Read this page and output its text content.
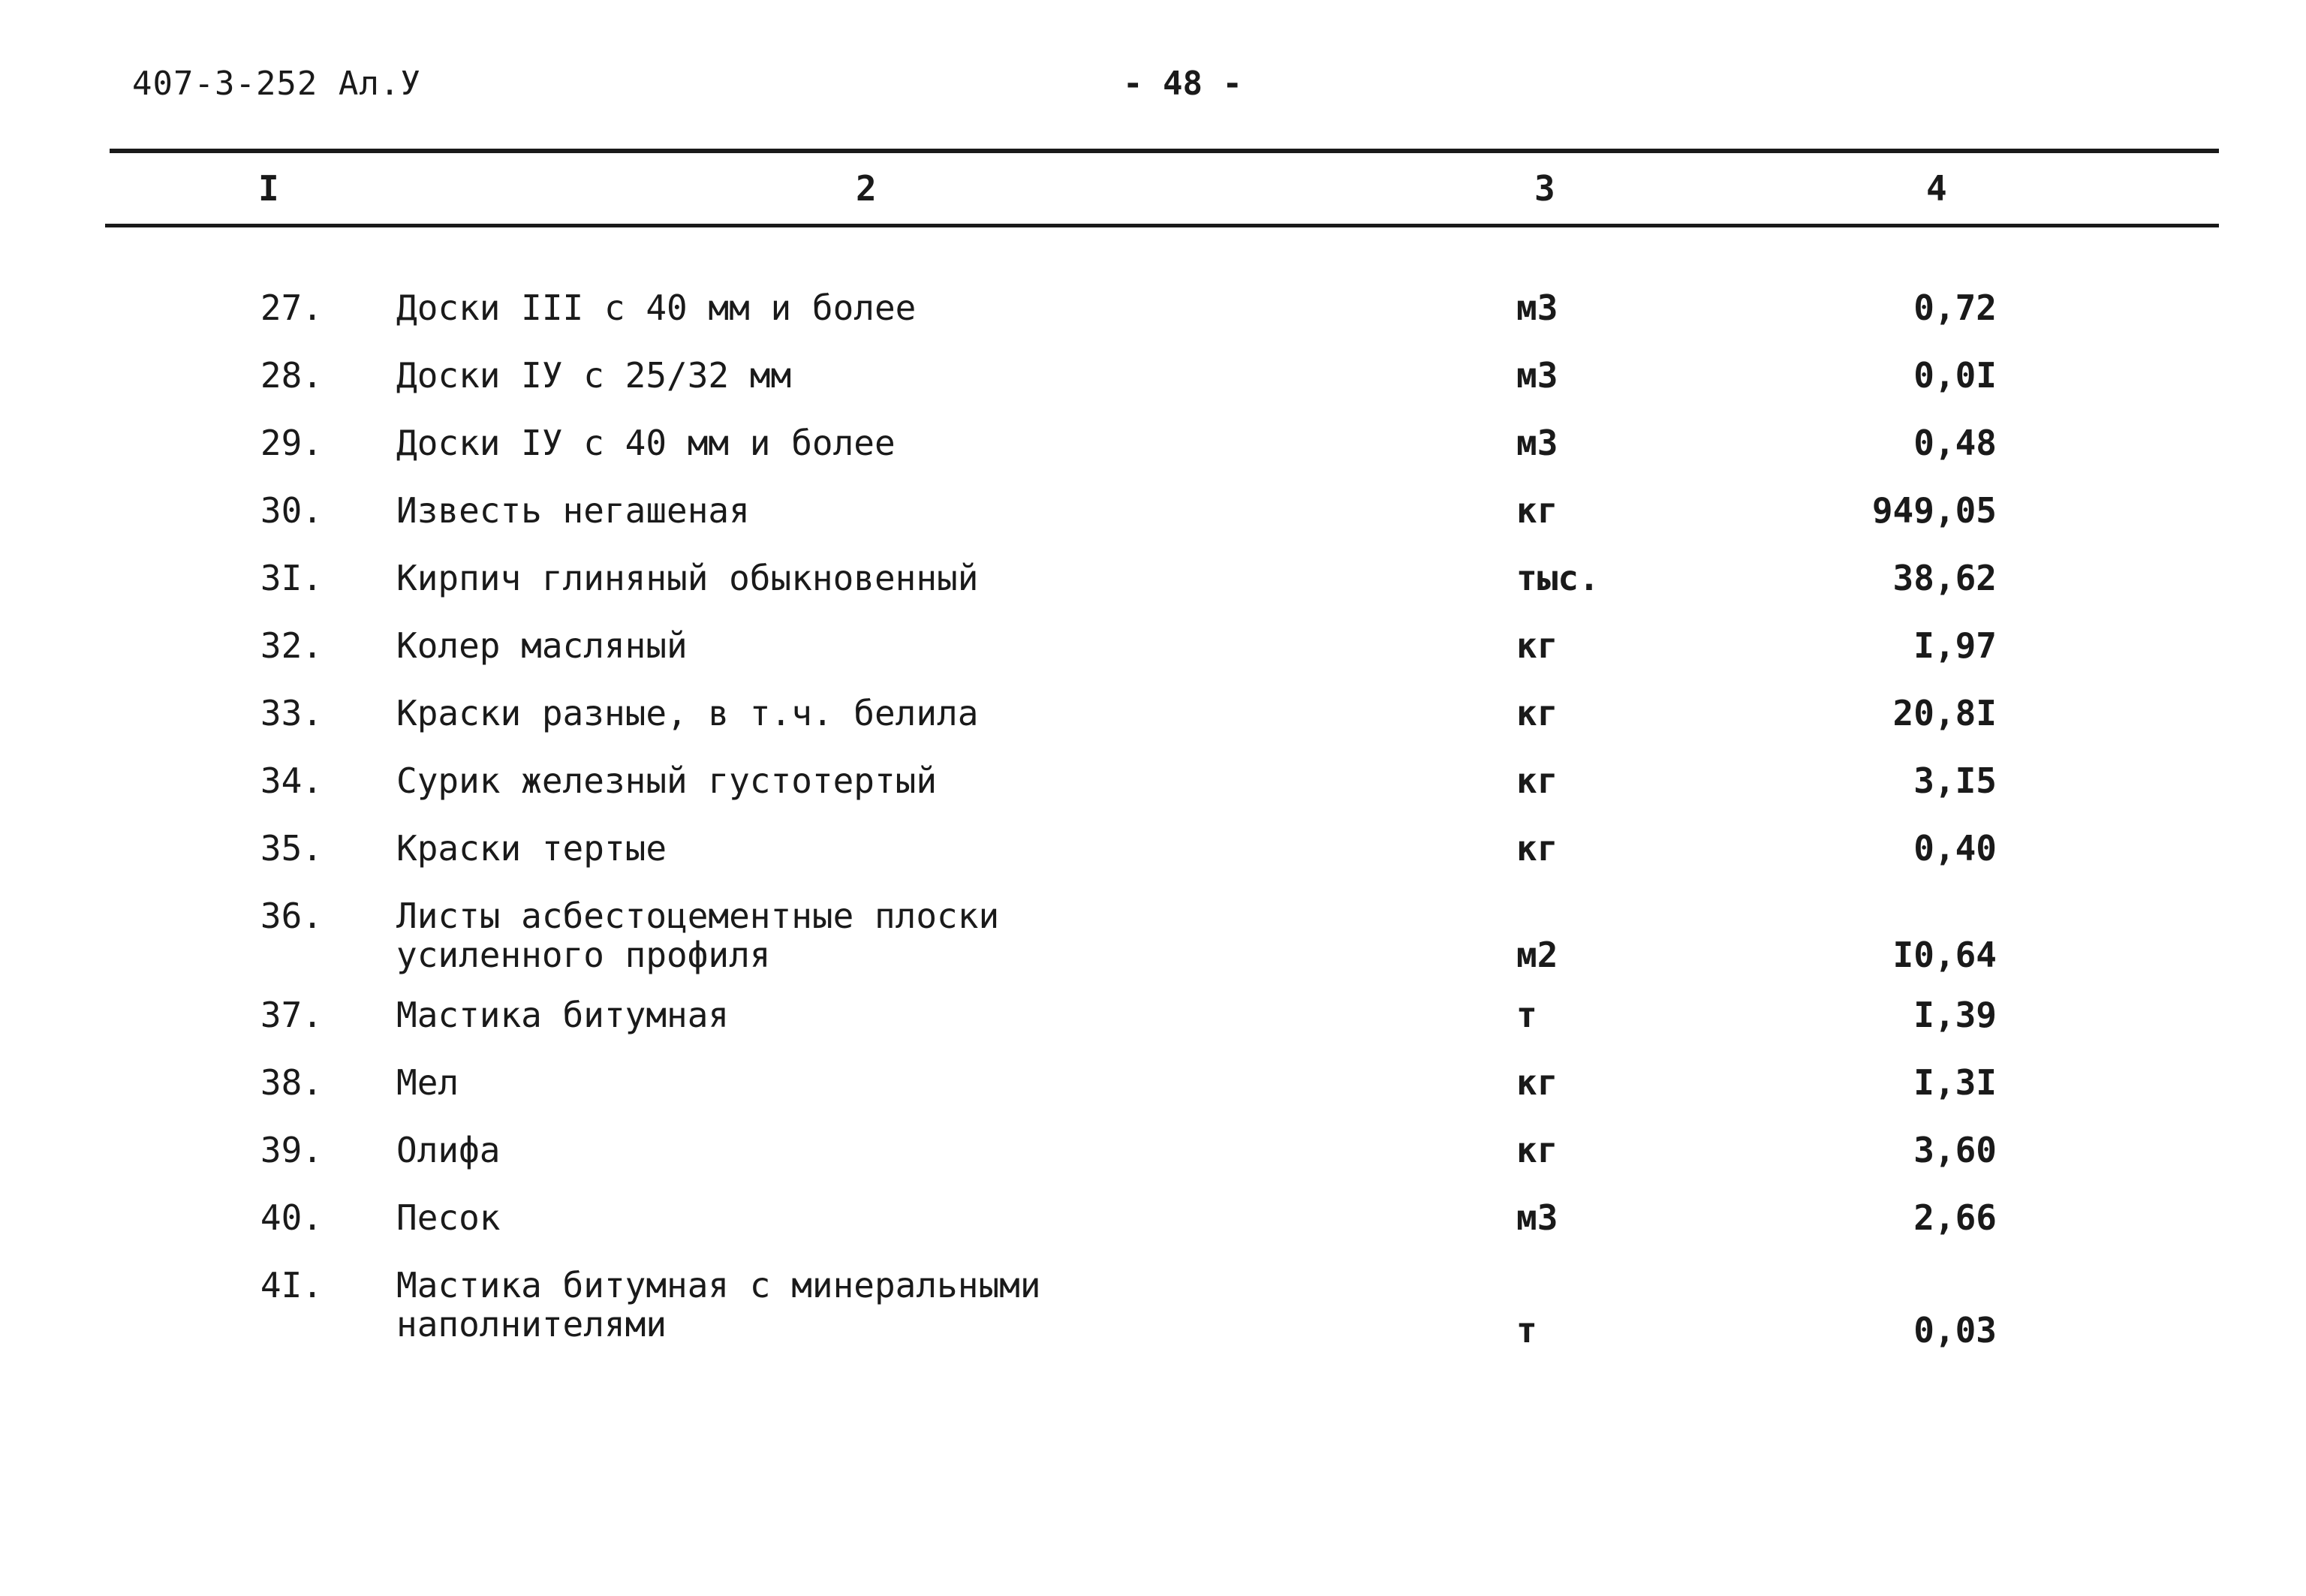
407-3-252 Ал.У	- 48 -
I	2	3	4
27. Доски III с 40 мм и более	м3	0,72
28. Доски IУ с 25/32 мм	м3	0,0I
29. Доски IУ с 40 мм и более	м3	0,48
30. Известь негашеная	кг	949,05
3I. Кирпич глиняный обыкновенный	тыс.	38,62
32. Колер масляный	кг	I,97
33. Краски разные, в т.ч. белила	кг	20,8I
34. Сурик железный густотертый	кг	3,I5
35. Краски тертые	кг	0,40
36. Листы асбестоцементные плоски
усиленного профиля	м2	I0,64
37. Мастика битумная	т	I,39
38. Мел	кг	I,3I
39. Олифа	кг	3,60
40. Песок	м3	2,66
4I. Мастика битумная с минеральными
наполнителями	т	0,03
